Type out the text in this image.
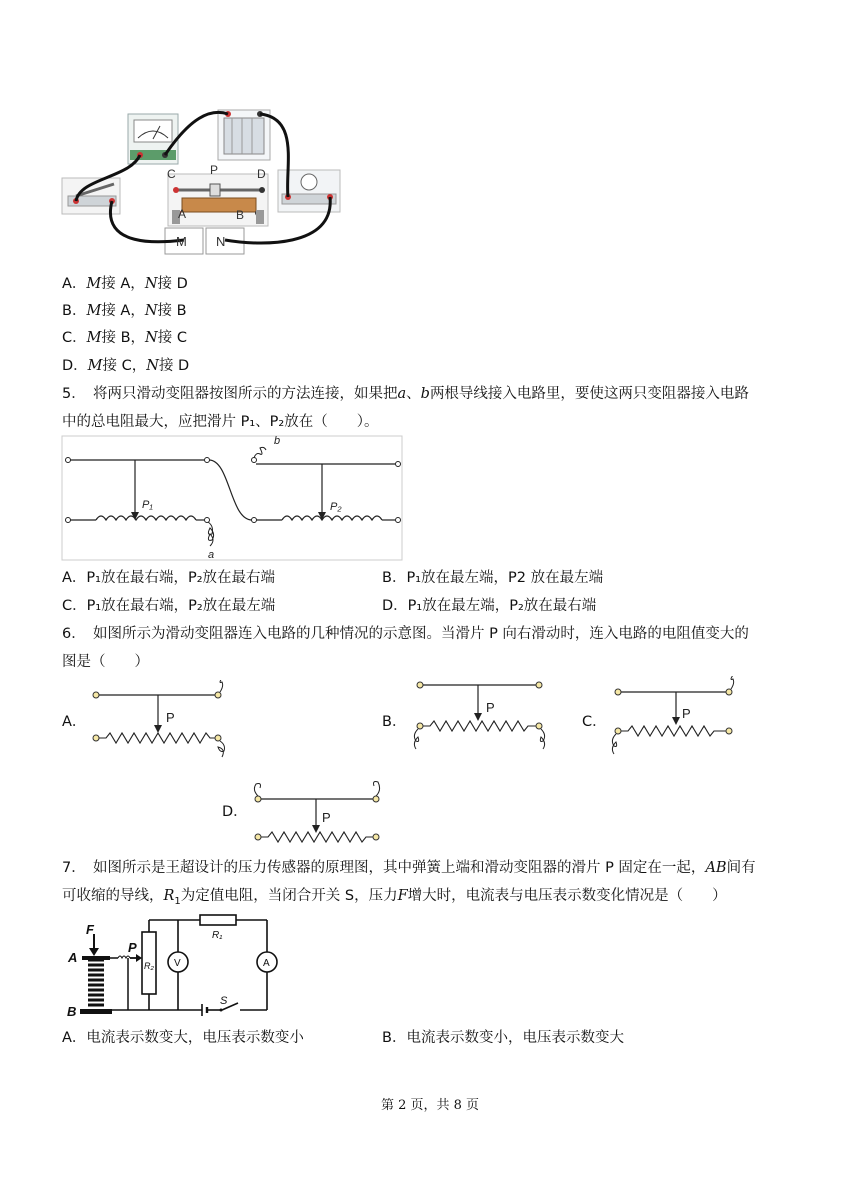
C	P	D
A	B
M N
A．M接 A，N接 D
B．M接 A，N接 B
C．M接 B，N接 C
D．M接 C，N接 D
5．　将两只滑动变阻器按图所示的方法连接，如果把a、b两根导线接入电路里，要使这两只变阻器接入电路
中的总电阻最大，应把滑片 P₁、P₂放在（　　）。
b
P₁	P₂
a
A．P₁放在最右端，P₂放在最右端	B．P₁放在最左端，P2 放在最左端
C．P₁放在最右端，P₂放在最左端	D．P₁放在最左端，P₂放在最右端
6．　如图所示为滑动变阻器连入电路的几种情况的示意图。当滑片 P 向右滑动时，连入电路的电阻值变大的
图是（　　）
A．	P	B．
P
C．
P
D．	P
7．　如图所示是王超设计的压力传感器的原理图，其中弹簧上端和滑动变阻器的滑片 P 固定在一起，AB间有
可收缩的导线，$R_1$为定值电阻，当闭合开关 S，压力F增大时，电流表与电压表示数变化情况是（　　）
F
A
B
P
R₂
R₁
V	A
S
A．电流表示数变大，电压表示数变小	B．电流表示数变小，电压表示数变大
第 2 页，共 8 页
